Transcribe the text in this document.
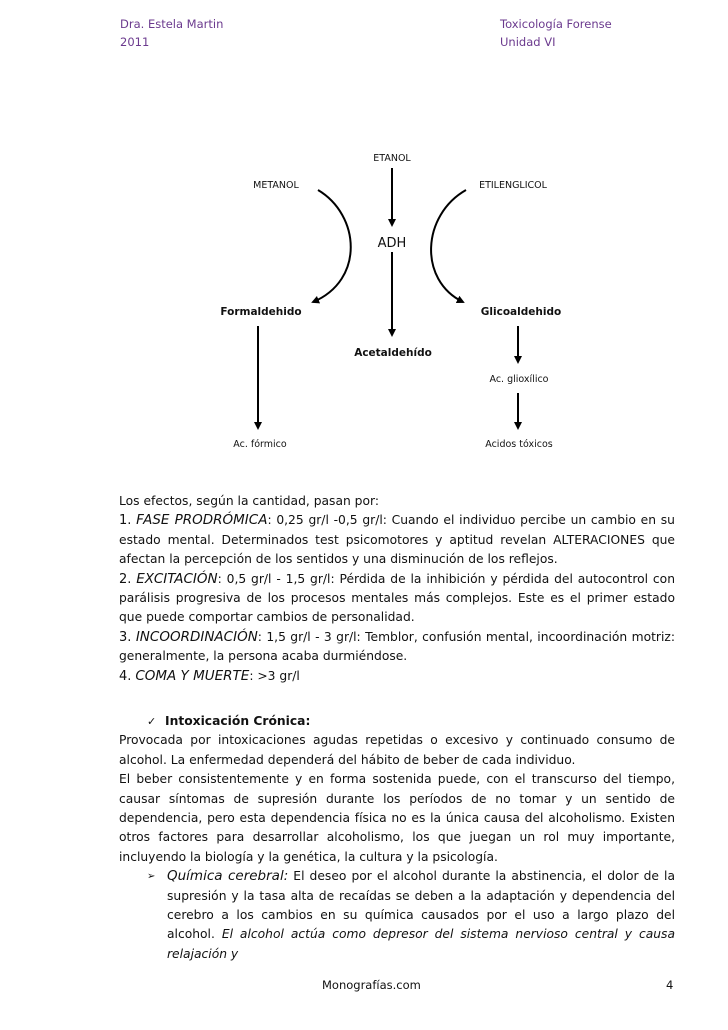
Dra. Estela Martin
2011
Toxicología Forense
Unidad VI
ETANOL
METANOL	ETILENGLICOL
ADH
Formaldehido	Glicoaldehido
Acetaldehído
Ac. glioxílico
Ac. fórmico	Acidos tóxicos

Los efectos, según la cantidad, pasan por:

1. FASE PRODRÓMICA: 0,25 gr/l -0,5 gr/l: Cuando el individuo percibe un cambio en su estado mental. Determinados test psicomotores y aptitud revelan ALTERACIONES que afectan la percepción de los sentidos y una disminución de los reflejos.

2. EXCITACIÓN: 0,5 gr/l - 1,5 gr/l: Pérdida de la inhibición y pérdida del autocontrol con parálisis progresiva de los procesos mentales más complejos. Este es el primer estado que puede comportar cambios de personalidad.

3. INCOORDINACIÓN: 1,5 gr/l - 3 gr/l: Temblor, confusión mental, incoordinación motriz: generalmente, la persona acaba durmiéndose.

4. COMA Y MUERTE: >3 gr/l

✓ Intoxicación Crónica:

Provocada por intoxicaciones agudas repetidas o excesivo y continuado consumo de alcohol. La enfermedad dependerá del hábito de beber de cada individuo.

El beber consistentemente y en forma sostenida puede, con el transcurso del tiempo, causar síntomas de supresión durante los períodos de no tomar y un sentido de dependencia, pero esta dependencia física no es la única causa del alcoholismo. Existen otros factores para desarrollar alcoholismo, los que juegan un rol muy importante, incluyendo la biología y la genética, la cultura y la psicología.

➢ Química cerebral: El deseo por el alcohol durante la abstinencia, el dolor de la supresión y la tasa alta de recaídas se deben a la adaptación y dependencia del cerebro a los cambios en su química causados por el uso a largo plazo del alcohol. El alcohol actúa como depresor del sistema nervioso central y causa relajación y
Monografías.com	4
